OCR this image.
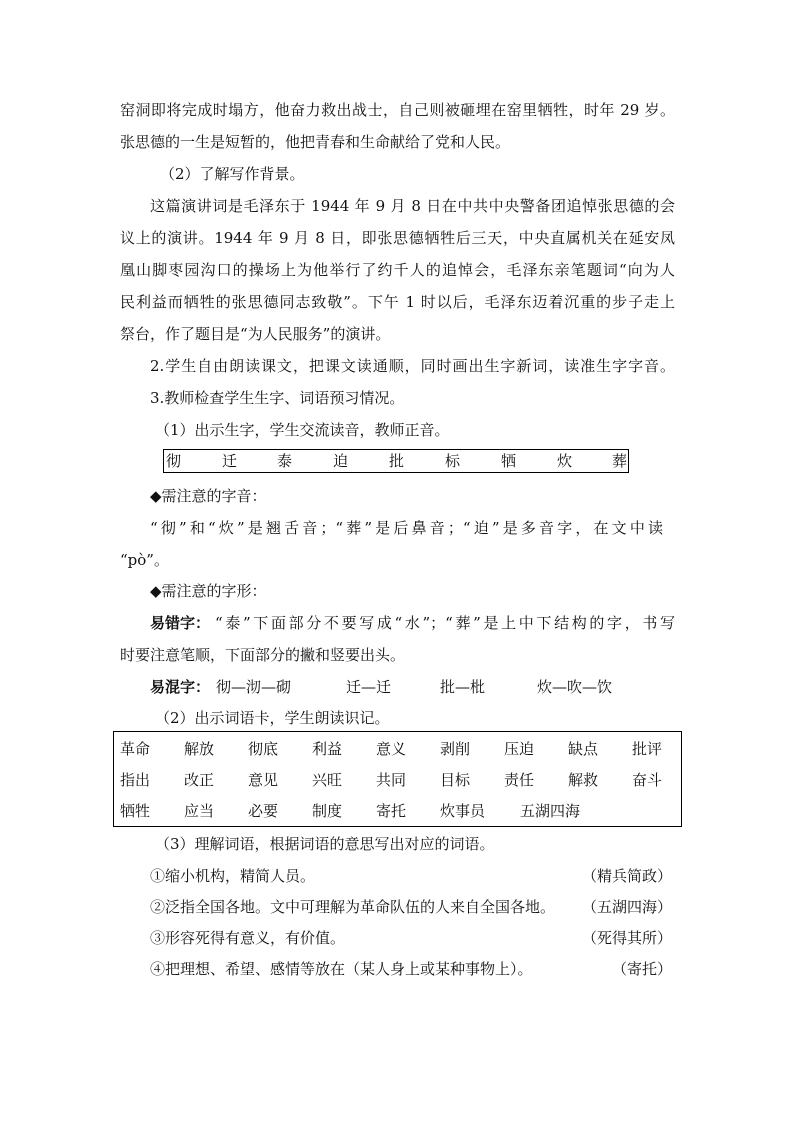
窑洞即将完成时塌方，他奋力救出战士，自己则被砸埋在窑里牺牲，时年 29 岁。
张思德的一生是短暂的，他把青春和生命献给了党和人民。
（2）了解写作背景。
这篇演讲词是毛泽东于 1944 年 9 月 8 日在中共中央警备团追悼张思德的会
议上的演讲。1944 年 9 月 8 日，即张思德牺牲后三天，中央直属机关在延安凤
凰山脚枣园沟口的操场上为他举行了约千人的追悼会，毛泽东亲笔题词“向为人
民利益而牺牲的张思德同志致敬”。下午 1 时以后，毛泽东迈着沉重的步子走上
祭台，作了题目是“为人民服务”的演讲。
2.学生自由朗读课文，把课文读通顺，同时画出生字新词，读准生字字音。
3.教师检查学生生字、词语预习情况。
（1）出示生字，学生交流读音，教师正音。
彻	迁	泰	迫	批	标	牺	炊	葬
◆需注意的字音：
“彻”和“炊”是翘舌音；“葬”是后鼻音；“迫”是多音字，在文中读
“pò”。
◆需注意的字形：
易错字： “泰”下面部分不要写成“水”；“葬”是上中下结构的字，书写
时要注意笔顺，下面部分的撇和竖要出头。
易混字： 彻—沏—砌	迁—迁	批—枇	炊—吹—饮
（2）出示词语卡，学生朗读识记。
革命 解放 彻底 利益 意义 剥削 压迫 缺点 批评
指出 改正 意见 兴旺 共同 目标 责任 解救 奋斗
牺牲 应当 必要 制度 寄托 炊事员 五湖四海
（3）理解词语，根据词语的意思写出对应的词语。
①缩小机构，精简人员。	（精兵简政）
②泛指全国各地。文中可理解为革命队伍的人来自全国各地。 （五湖四海）
③形容死得有意义，有价值。	（死得其所）
④把理想、希望、感情等放在（某人身上或某种事物上）。	（寄托）
